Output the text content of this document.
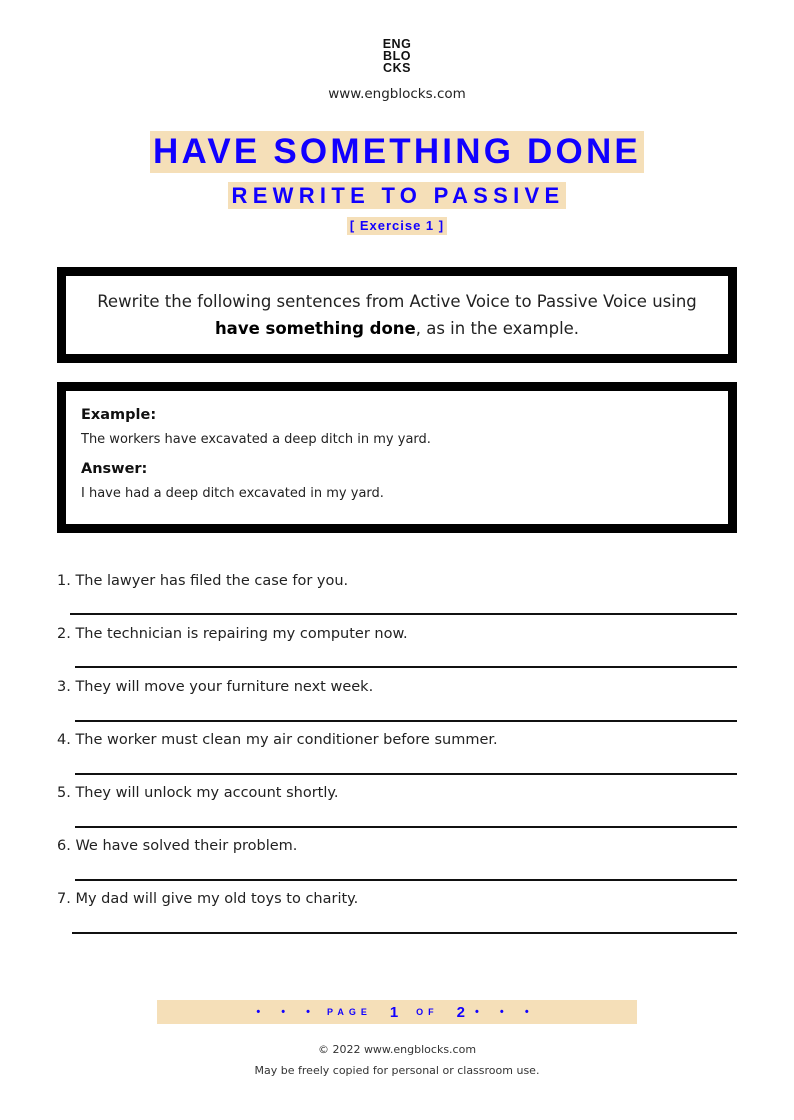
ENG
BLO
CKS
www.engblocks.com
HAVE SOMETHING DONE
REWRITE TO PASSIVE
[ Exercise 1 ]
Rewrite the following sentences from Active Voice to Passive Voice using have something done, as in the example.
Example:
The workers have excavated a deep ditch in my yard.
Answer:
I have had a deep ditch excavated in my yard.
1. The lawyer has filed the case for you.
2. The technician is repairing my computer now.
3. They will move your furniture next week.
4. The worker must clean my air conditioner before summer.
5. They will unlock my account shortly.
6. We have solved their problem.
7. My dad will give my old toys to charity.
• • • PAGE 1 OF 2 • • •
© 2022 www.engblocks.com
May be freely copied for personal or classroom use.
